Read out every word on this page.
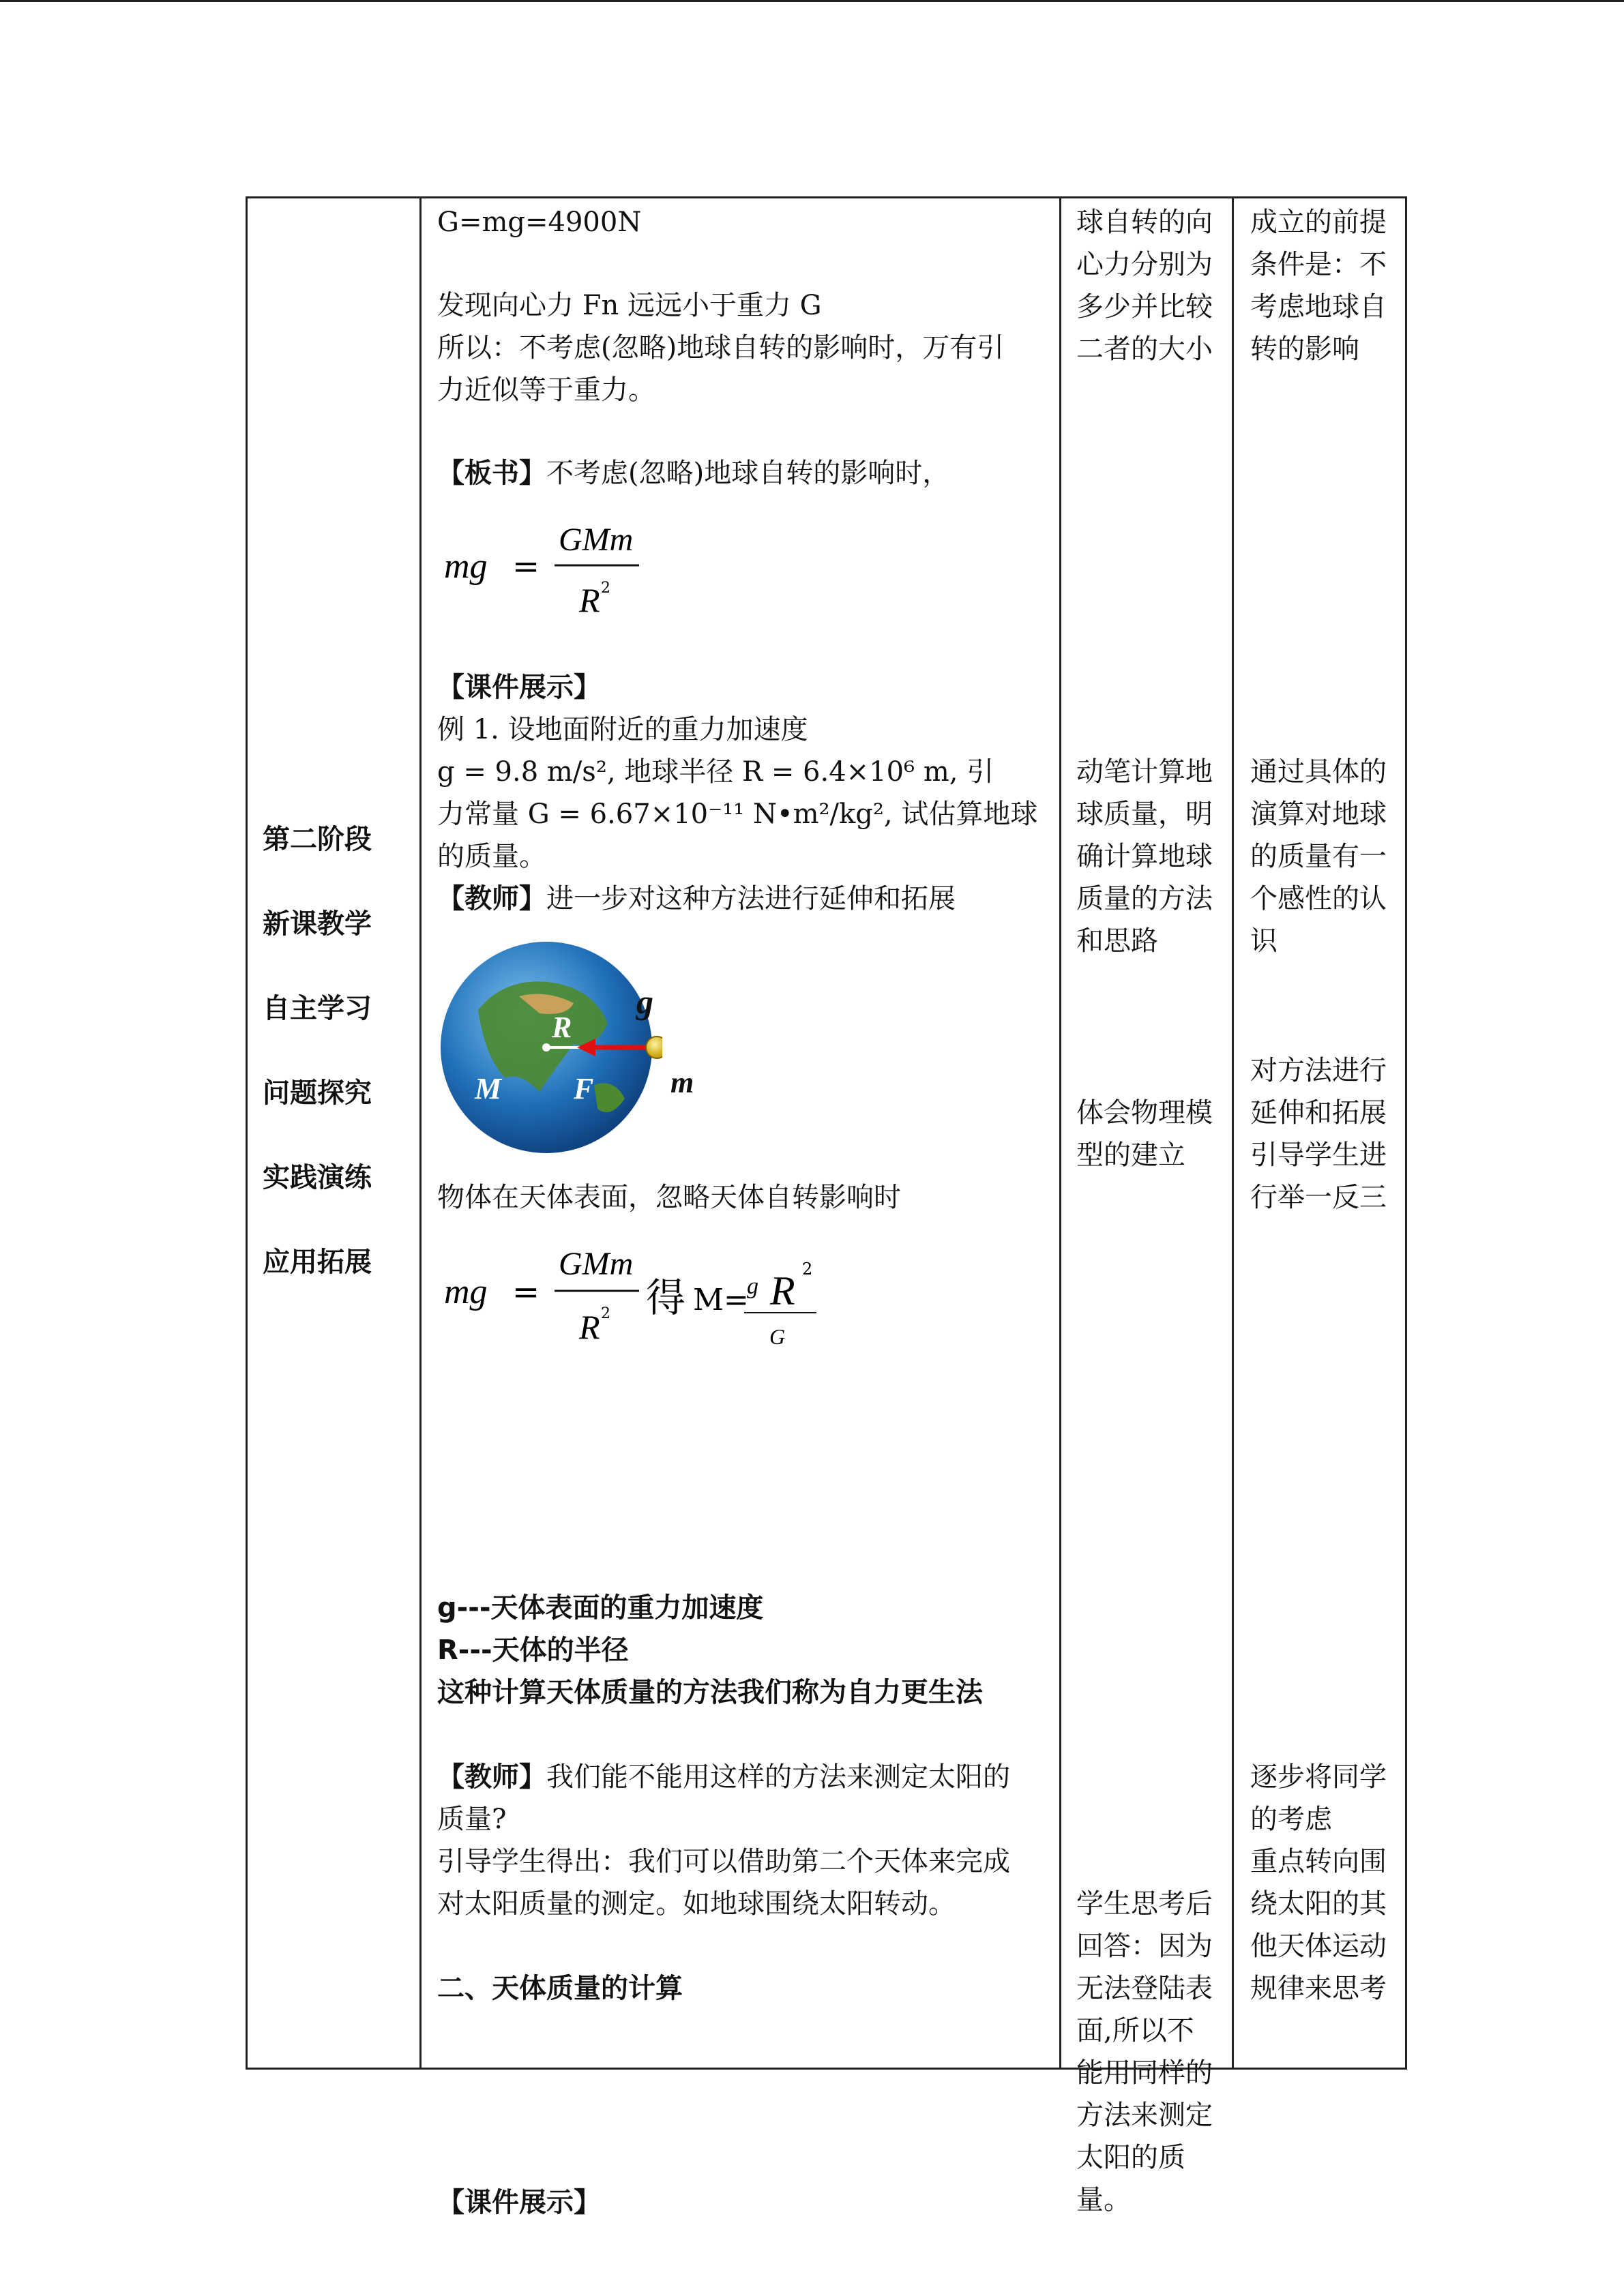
第二阶段
新课教学
自主学习
问题探究
实践演练
应用拓展
G=mg=4900N
发现向心力 Fn 远远小于重力 G
所以：不考虑(忽略)地球自转的影响时，万有引
力近似等于重力。
【板书】不考虑(忽略)地球自转的影响时，
mg =
GMm
R 2
【课件展示】
例 1. 设地面附近的重力加速度
g = 9.8 m/s², 地球半径 R = 6.4×10⁶ m, 引
力常量 G = 6.67×10⁻¹¹ N•m²/kg², 试估算地球
的质量。
【教师】进一步对这种方法进行延伸和拓展
R
g
M F	m
物体在天体表面，忽略天体自转影响时
mg =
GMm
R 2 得 M=
g R 2
G
g---天体表面的重力加速度
R---天体的半径
这种计算天体质量的方法我们称为自力更生法
【教师】我们能不能用这样的方法来测定太阳的
质量?
引导学生得出：我们可以借助第二个天体来完成
对太阳质量的测定。如地球围绕太阳转动。
二、天体质量的计算
【课件展示】
球自转的向
心力分别为
多少并比较
二者的大小
动笔计算地
球质量，明
确计算地球
质量的方法
和思路
体会物理模
型的建立
学生思考后
回答：因为
无法登陆表
面,所以不
能用同样的
方法来测定
太阳的质
量。
成立的前提
条件是：不
考虑地球自
转的影响
通过具体的
演算对地球
的质量有一
个感性的认
识
对方法进行
延伸和拓展
引导学生进
行举一反三
逐步将同学
的考虑
重点转向围
绕太阳的其
他天体运动
规律来思考
